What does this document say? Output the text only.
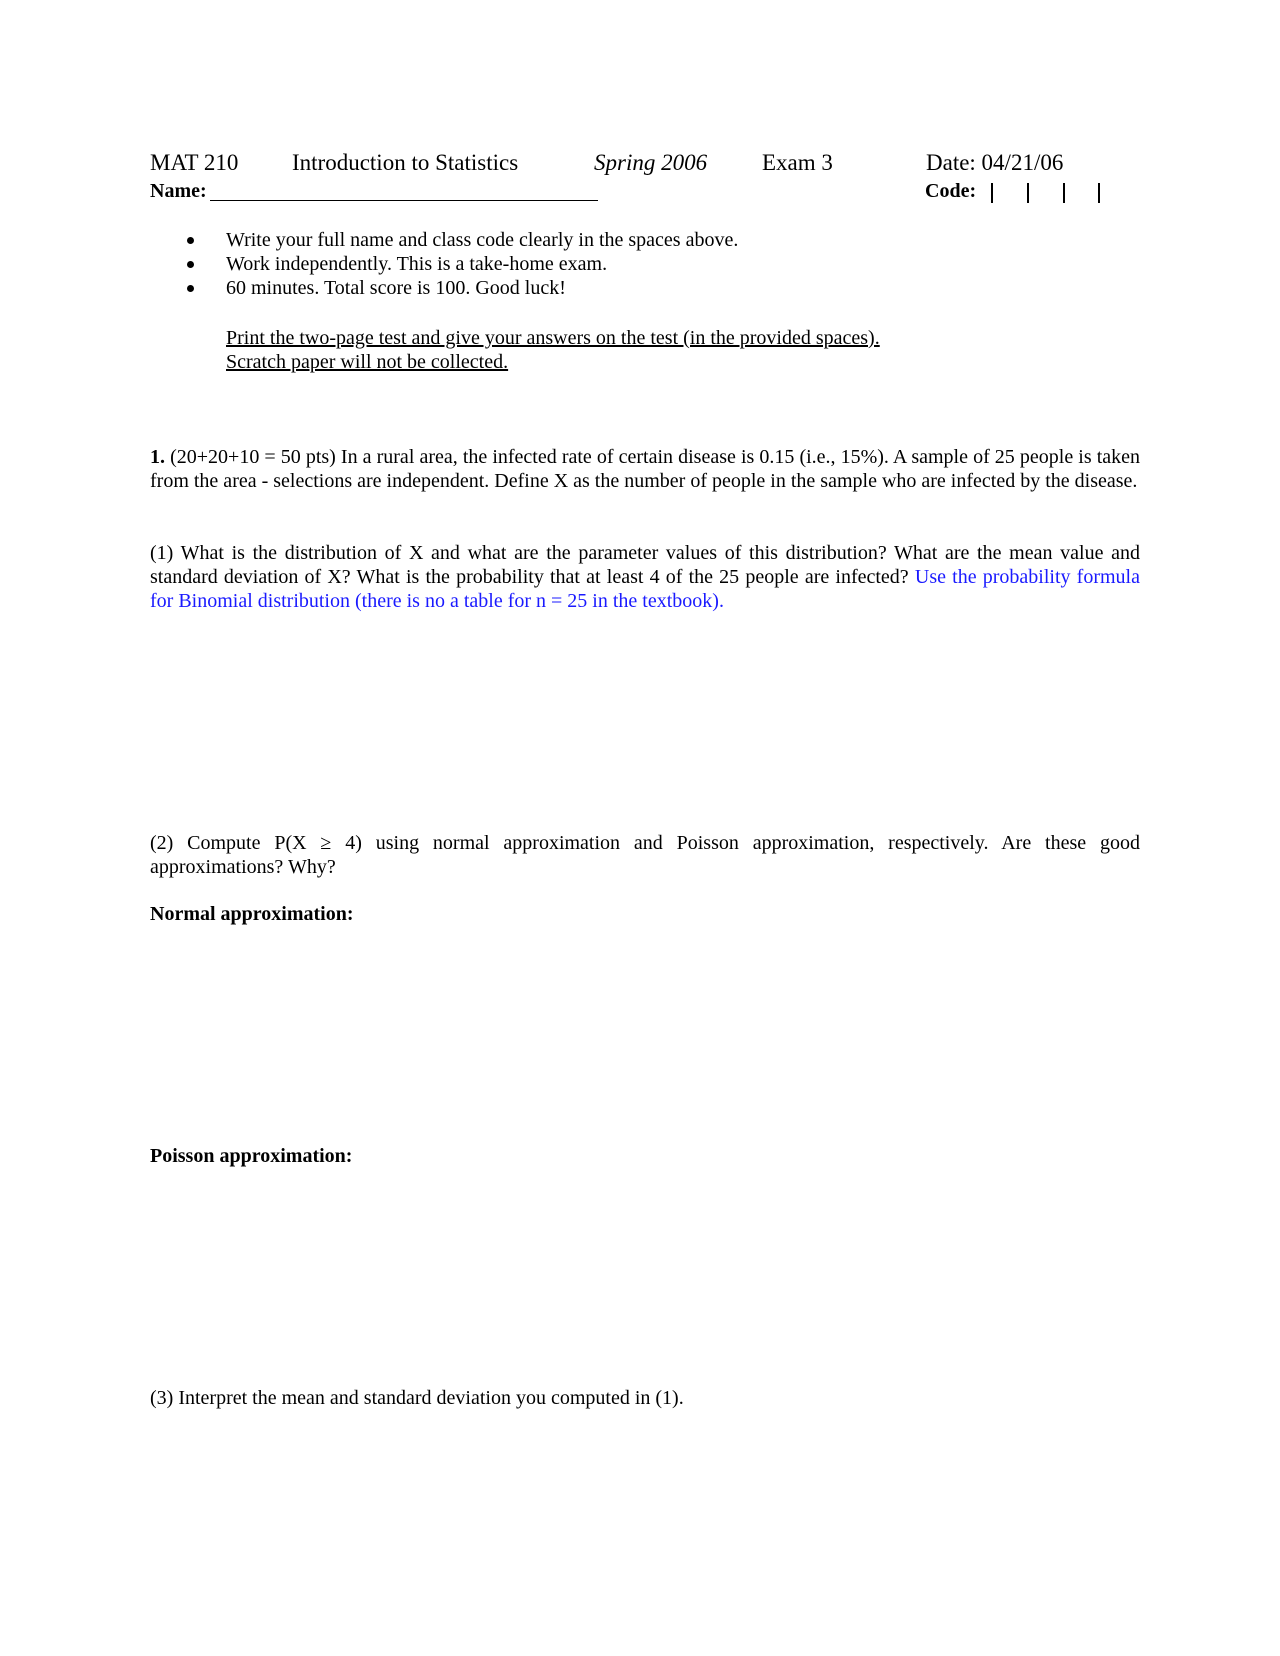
MAT 210 Introduction to Statistics	Spring 2006 Exam 3	Date: 04/21/06
Name:	Code:
Write your full name and class code clearly in the spaces above.
Work independently. This is a take-home exam.
60 minutes. Total score is 100. Good luck!
Print the two-page test and give your answers on the test (in the provided spaces).
Scratch paper will not be collected.
1. (20+20+10 = 50 pts) In a rural area, the infected rate of certain disease is 0.15 (i.e., 15%). A sample of 25 people is taken from the area - selections are independent. Define X as the number of people in the sample who are infected by the disease.
(1) What is the distribution of X and what are the parameter values of this distribution? What are the mean value and standard deviation of X? What is the probability that at least 4 of the 25 people are infected? Use the probability formula for Binomial distribution (there is no a table for n = 25 in the textbook).
(2) Compute P(X ≥ 4) using normal approximation and Poisson approximation, respectively. Are these good approximations? Why?
Normal approximation:
Poisson approximation:
(3) Interpret the mean and standard deviation you computed in (1).
